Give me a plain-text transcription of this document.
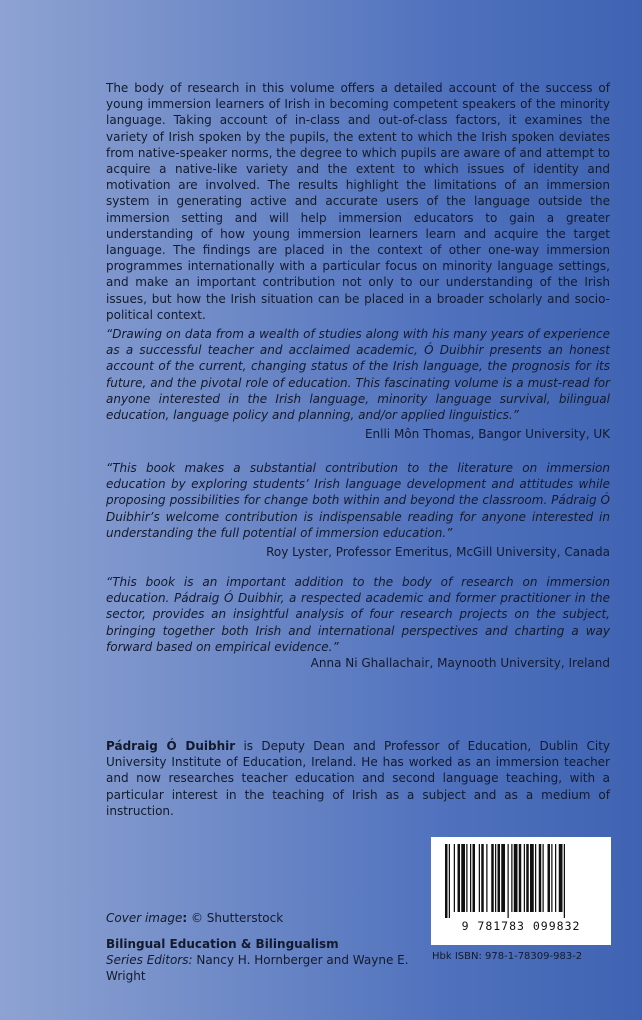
The body of research in this volume offers a detailed account of the success of young immersion learners of Irish in becoming competent speakers of the minority language. Taking account of in-class and out-of-class factors, it examines the variety of Irish spoken by the pupils, the extent to which the Irish spoken deviates from native-speaker norms, the degree to which pupils are aware of and attempt to acquire a native-like variety and the extent to which issues of identity and motivation are involved. The results highlight the limitations of an immersion system in generating active and accurate users of the language outside the immersion setting and will help immersion educators to gain a greater understanding of how young immersion learners learn and acquire the target language. The findings are placed in the context of other one-way immersion programmes internationally with a particular focus on minority language settings, and make an important contribution not only to our understanding of the Irish issues, but how the Irish situation can be placed in a broader scholarly and socio-political context.
“Drawing on data from a wealth of studies along with his many years of experience as a successful teacher and acclaimed academic, Ó Duibhir presents an honest account of the current, changing status of the Irish language, the prognosis for its future, and the pivotal role of education. This fascinating volume is a must-read for anyone interested in the Irish language, minority language survival, bilingual education, language policy and planning, and/or applied linguistics.”
Enlli Môn Thomas, Bangor University, UK
“This book makes a substantial contribution to the literature on immersion education by exploring students’ Irish language development and attitudes while proposing possibilities for change both within and beyond the classroom. Pádraig Ó Duibhir’s welcome contribution is indispensable reading for anyone interested in understanding the full potential of immersion education.”
Roy Lyster, Professor Emeritus, McGill University, Canada
“This book is an important addition to the body of research on immersion education. Pádraig Ó Duibhir, a respected academic and former practitioner in the sector, provides an insightful analysis of four research projects on the subject, bringing together both Irish and international perspectives and charting a way forward based on empirical evidence.”
Anna Ni Ghallachair, Maynooth University, Ireland
Pádraig Ó Duibhir is Deputy Dean and Professor of Education, Dublin City University Institute of Education, Ireland. He has worked as an immersion teacher and now researches teacher education and second language teaching, with a particular interest in the teaching of Irish as a subject and as a medium of instruction.
Cover image: © Shutterstock
Bilingual Education & Bilingualism
Series Editors: Nancy H. Hornberger and Wayne E. Wright
9 781783 099832
Hbk ISBN: 978-1-78309-983-2
